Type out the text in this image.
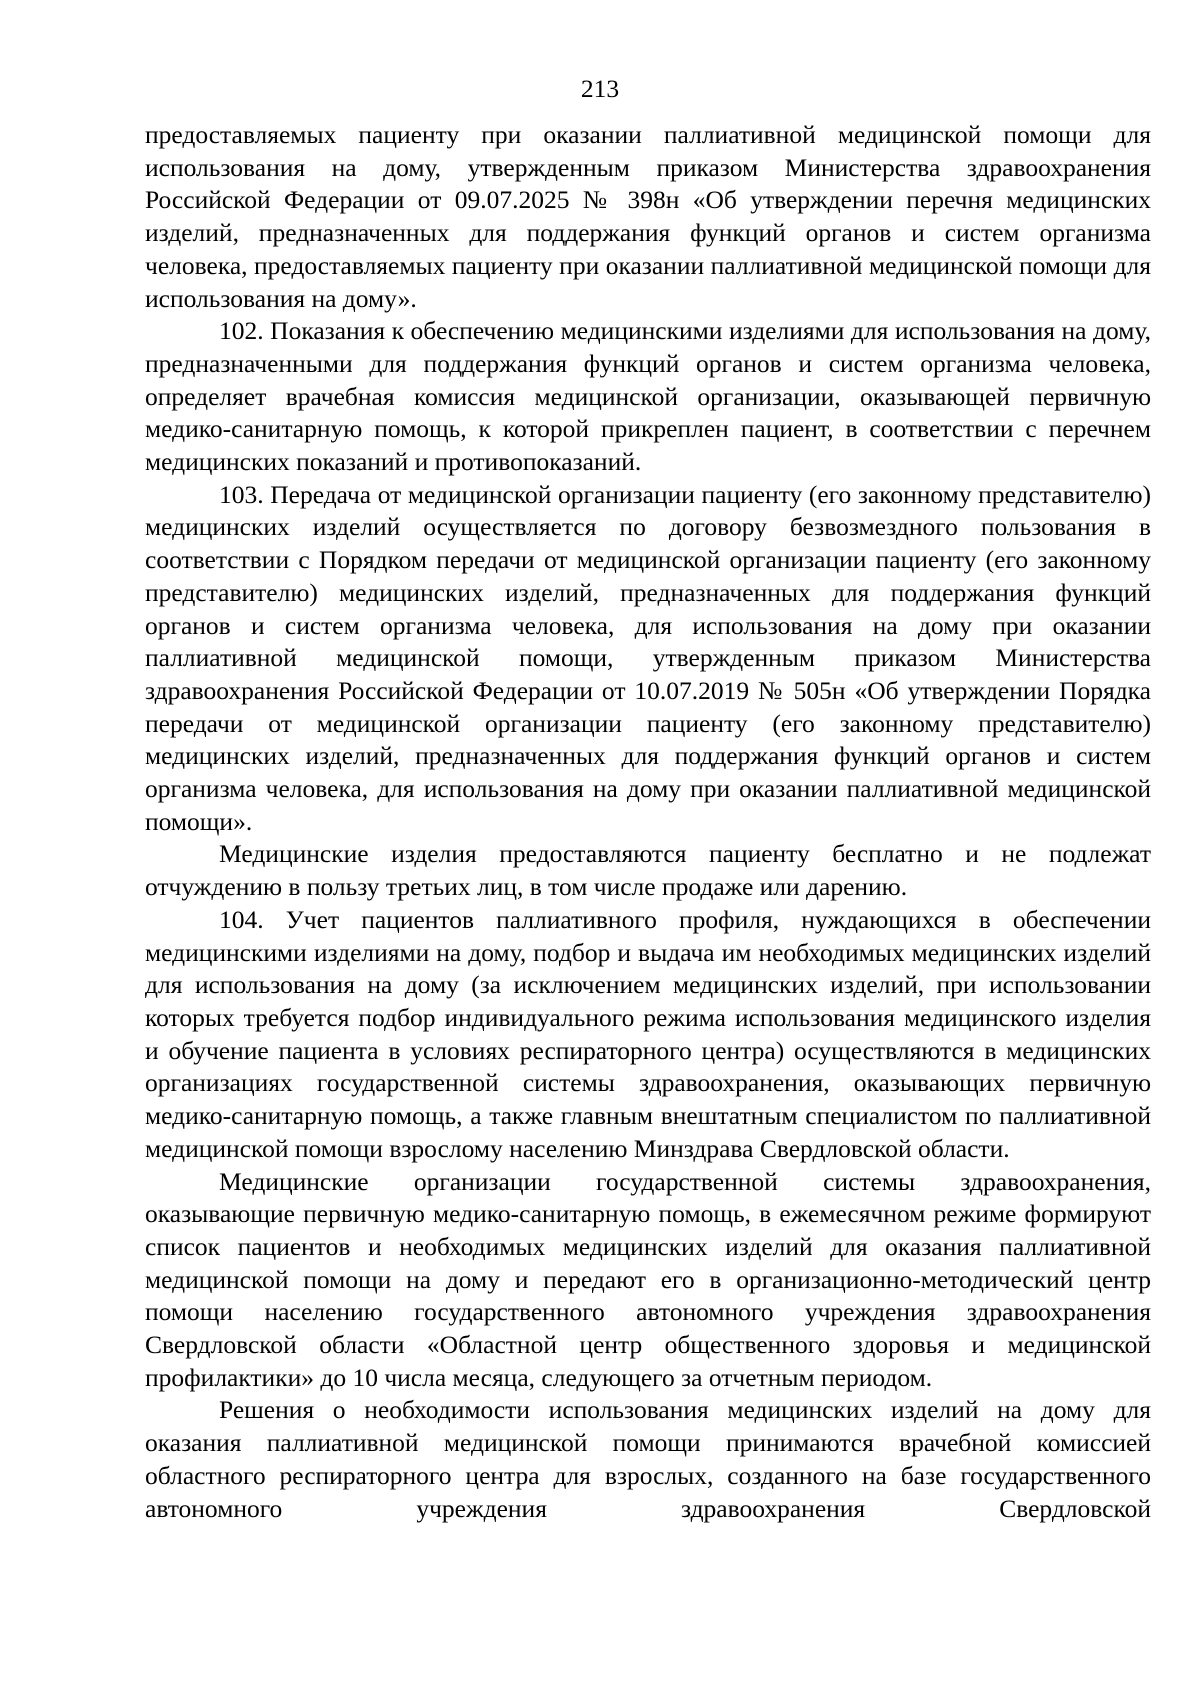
213

предоставляемых пациенту при оказании паллиативной медицинской помощи для использования на дому, утвержденным приказом Министерства здравоохранения Российской Федерации от 09.07.2025 № 398н «Об утверждении перечня медицинских изделий, предназначенных для поддержания функций органов и систем организма человека, предоставляемых пациенту при оказании паллиативной медицинской помощи для использования на дому».

102. Показания к обеспечению медицинскими изделиями для использования на дому, предназначенными для поддержания функций органов и систем организма человека, определяет врачебная комиссия медицинской организации, оказывающей первичную медико-санитарную помощь, к которой прикреплен пациент, в соответствии с перечнем медицинских показаний и противопоказаний.

103. Передача от медицинской организации пациенту (его законному представителю) медицинских изделий осуществляется по договору безвозмездного пользования в соответствии с Порядком передачи от медицинской организации пациенту (его законному представителю) медицинских изделий, предназначенных для поддержания функций органов и систем организма человека, для использования на дому при оказании паллиативной медицинской помощи, утвержденным приказом Министерства здравоохранения Российской Федерации от 10.07.2019 № 505н «Об утверждении Порядка передачи от медицинской организации пациенту (его законному представителю) медицинских изделий, предназначенных для поддержания функций органов и систем организма человека, для использования на дому при оказании паллиативной медицинской помощи».

Медицинские изделия предоставляются пациенту бесплатно и не подлежат отчуждению в пользу третьих лиц, в том числе продаже или дарению.

104. Учет пациентов паллиативного профиля, нуждающихся в обеспечении медицинскими изделиями на дому, подбор и выдача им необходимых медицинских изделий для использования на дому (за исключением медицинских изделий, при использовании которых требуется подбор индивидуального режима использования медицинского изделия и обучение пациента в условиях респираторного центра) осуществляются в медицинских организациях государственной системы здравоохранения, оказывающих первичную медико-санитарную помощь, а также главным внештатным специалистом по паллиативной медицинской помощи взрослому населению Минздрава Свердловской области.

Медицинские организации государственной системы здравоохранения, оказывающие первичную медико-санитарную помощь, в ежемесячном режиме формируют список пациентов и необходимых медицинских изделий для оказания паллиативной медицинской помощи на дому и передают его в организационно-методический центр помощи населению государственного автономного учреждения здравоохранения Свердловской области «Областной центр общественного здоровья и медицинской профилактики» до 10 числа месяца, следующего за отчетным периодом.

Решения о необходимости использования медицинских изделий на дому для оказания паллиативной медицинской помощи принимаются врачебной комиссией областного респираторного центра для взрослых, созданного на базе государственного автономного учреждения здравоохранения Свердловской
